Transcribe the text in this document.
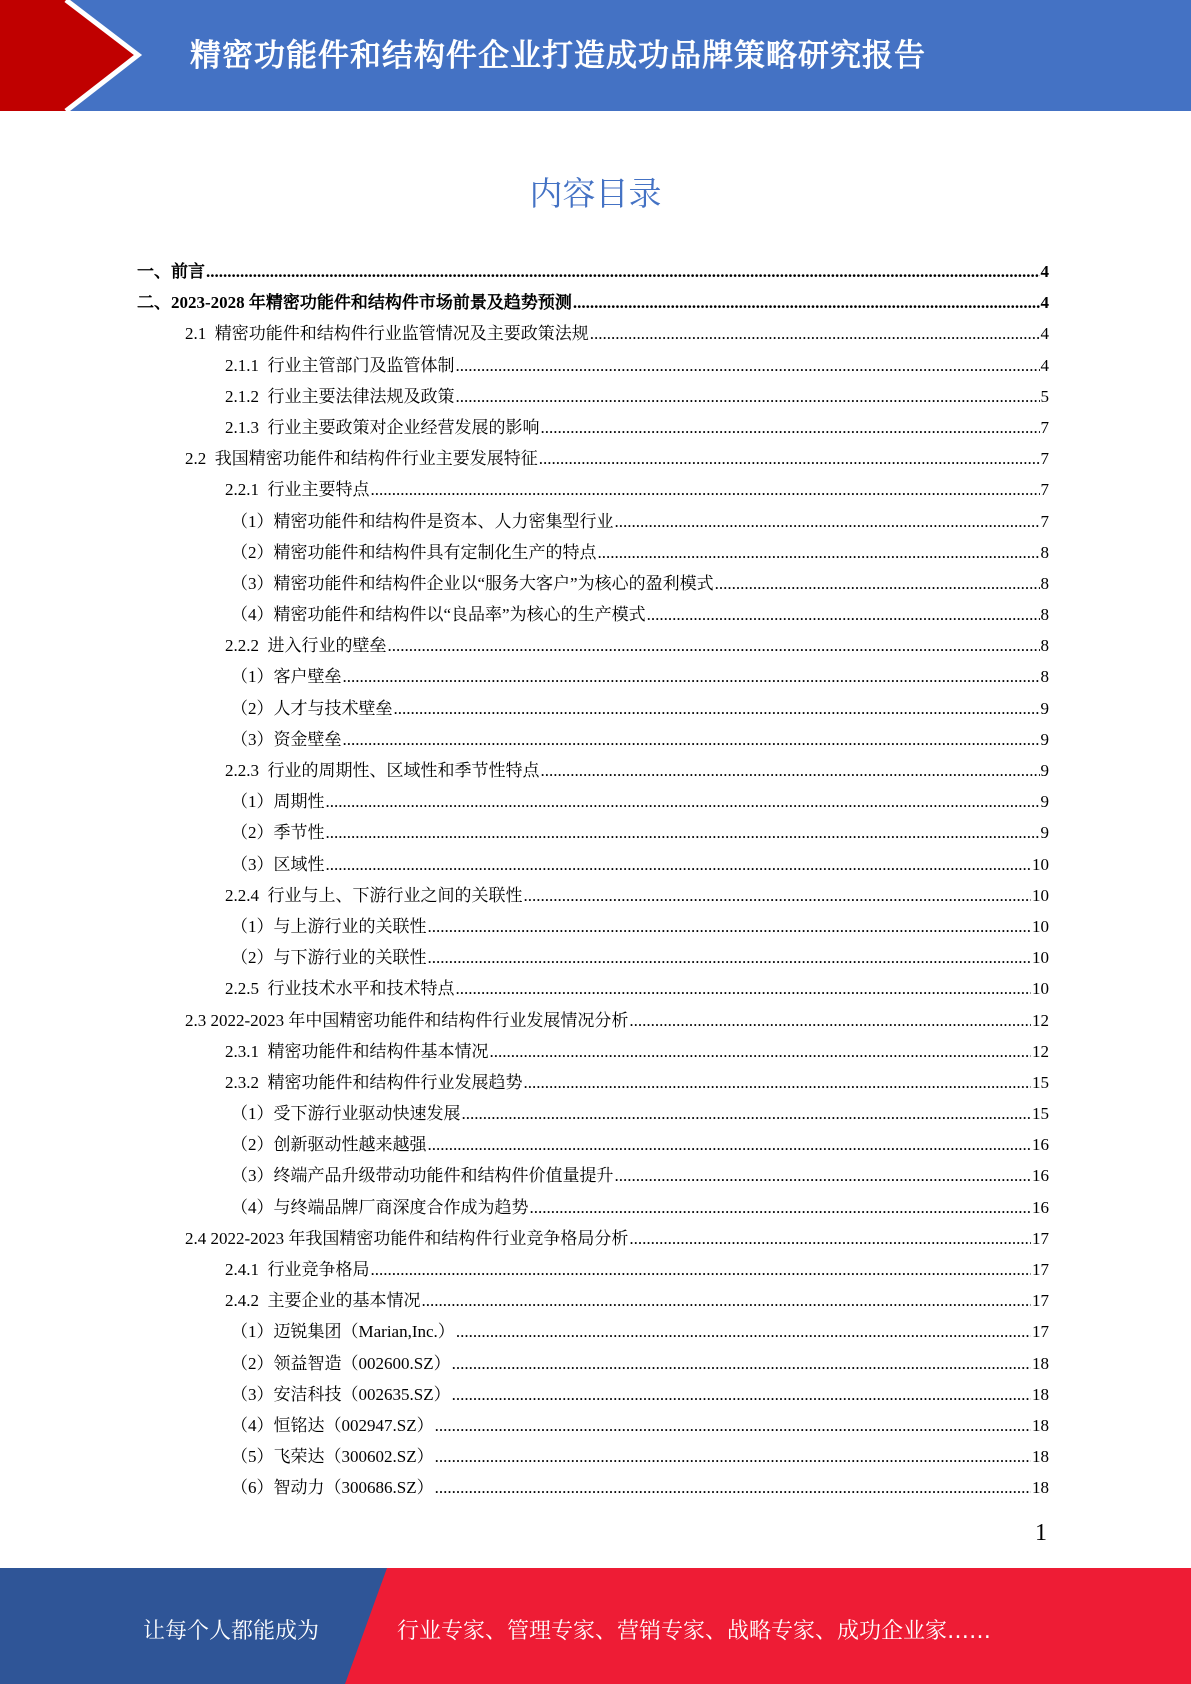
精密功能件和结构件企业打造成功品牌策略研究报告
内容目录
一、前言 .....	4
二、2023-2028 年精密功能件和结构件市场前景及趋势预测 .....	4
2.1  精密功能件和结构件行业监管情况及主要政策法规 .....	4
2.1.1  行业主管部门及监管体制 .....	4
2.1.2  行业主要法律法规及政策 .....	5
2.1.3  行业主要政策对企业经营发展的影响 .....	7
2.2  我国精密功能件和结构件行业主要发展特征 .....	7
2.2.1  行业主要特点 .....	7
（1）精密功能件和结构件是资本、人力密集型行业 .....	7
（2）精密功能件和结构件具有定制化生产的特点 .....	8
（3）精密功能件和结构件企业以“服务大客户”为核心的盈利模式 .....	8
（4）精密功能件和结构件以“良品率”为核心的生产模式 .....	8
2.2.2  进入行业的壁垒 .....	8
（1）客户壁垒 .....	8
（2）人才与技术壁垒 .....	9
（3）资金壁垒 .....	9
2.2.3  行业的周期性、区域性和季节性特点 .....	9
（1）周期性 .....	9
（2）季节性 .....	9
（3）区域性 .....	10
2.2.4  行业与上、下游行业之间的关联性 .....	10
（1）与上游行业的关联性 .....	10
（2）与下游行业的关联性 .....	10
2.2.5  行业技术水平和技术特点 .....	10
2.3 2022-2023 年中国精密功能件和结构件行业发展情况分析 .....	12
2.3.1  精密功能件和结构件基本情况 .....	12
2.3.2  精密功能件和结构件行业发展趋势 .....	15
（1）受下游行业驱动快速发展 .....	15
（2）创新驱动性越来越强 .....	16
（3）终端产品升级带动功能件和结构件价值量提升 .....	16
（4）与终端品牌厂商深度合作成为趋势 .....	16
2.4 2022-2023 年我国精密功能件和结构件行业竞争格局分析 .....	17
2.4.1  行业竞争格局 .....	17
2.4.2  主要企业的基本情况 .....	17
（1）迈锐集团（Marian,Inc.） .....	17
（2）领益智造（002600.SZ） .....	18
（3）安洁科技（002635.SZ） .....	18
（4）恒铭达（002947.SZ） .....	18
（5）飞荣达（300602.SZ） .....	18
（6）智动力（300686.SZ） .....	18
1
让每个人都能成为	行业专家、管理专家、营销专家、战略专家、成功企业家……
